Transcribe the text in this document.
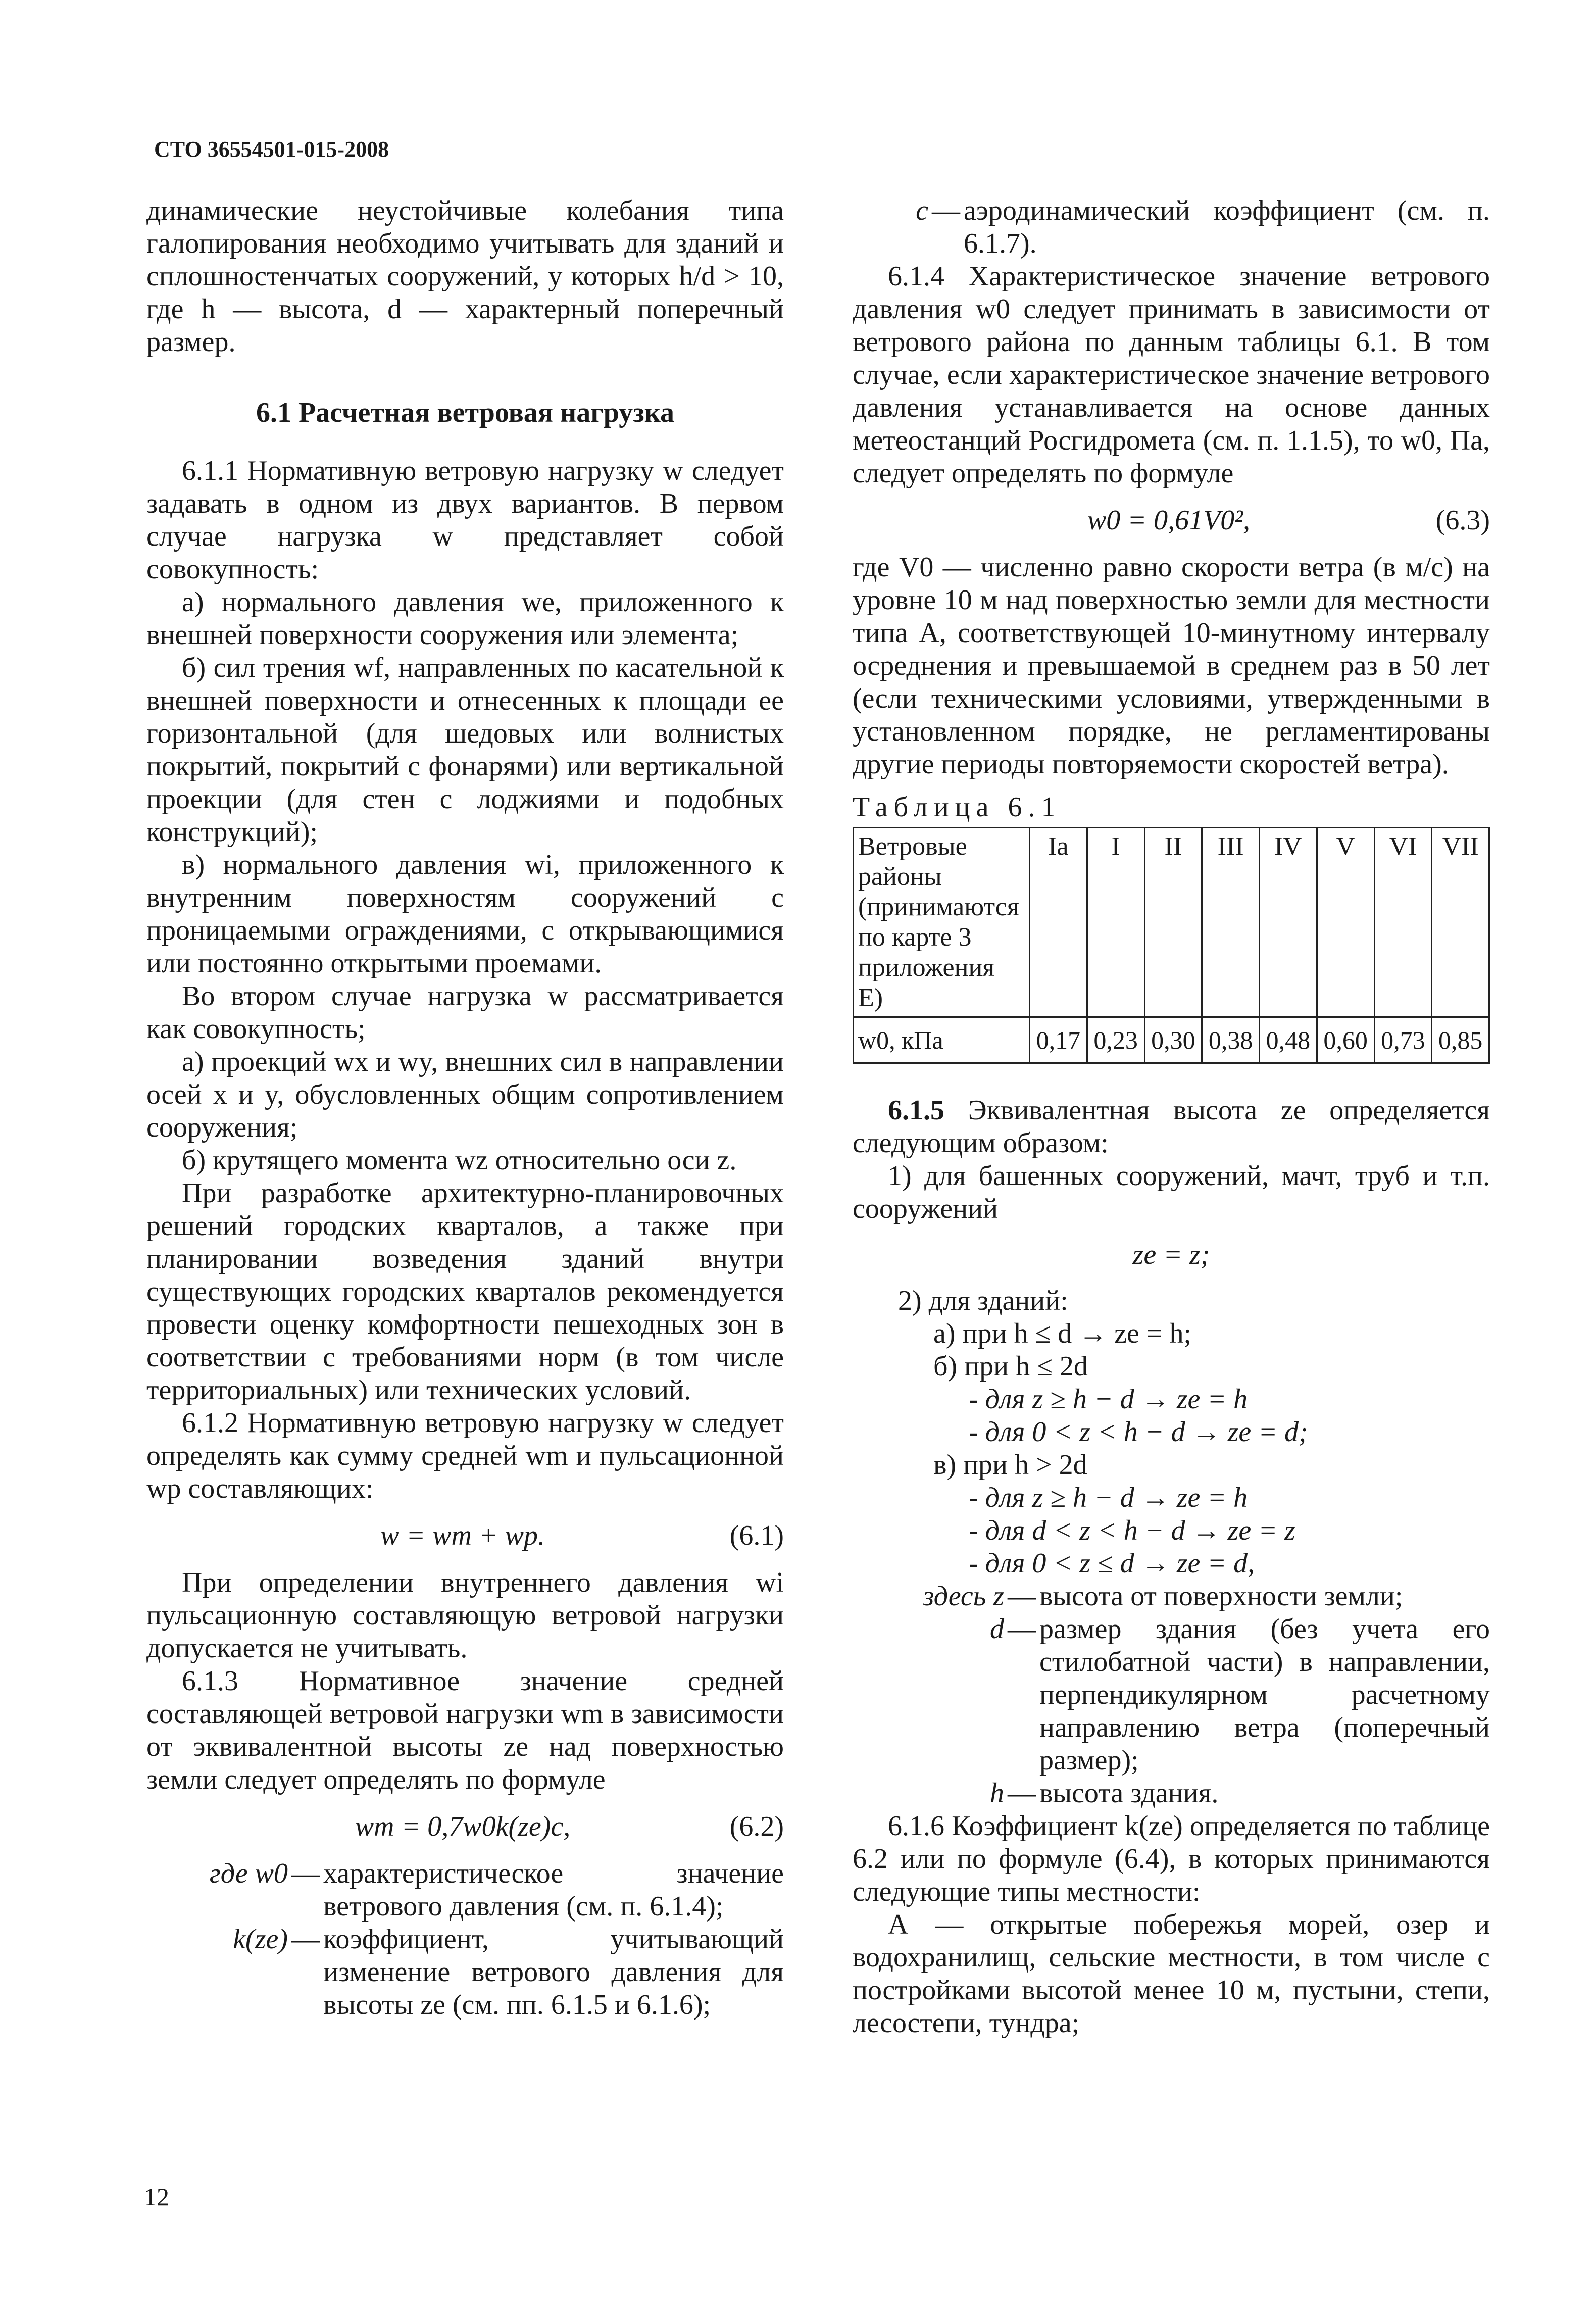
СТО 36554501-015-2008

динамические неустойчивые колебания типа галопирования необходимо учитывать для зданий и сплошностенчатых сооружений, у которых h/d > 10, где h — высота, d — характерный поперечный размер.

6.1 Расчетная ветровая нагрузка

6.1.1 Нормативную ветровую нагрузку w следует задавать в одном из двух вариантов. В первом случае нагрузка w представляет собой совокупность:

а) нормального давления we, приложенного к внешней поверхности сооружения или элемента;

б) сил трения wf, направленных по касательной к внешней поверхности и отнесенных к площади ее горизонтальной (для шедовых или волнистых покрытий, покрытий с фонарями) или вертикальной проекции (для стен с лоджиями и подобных конструкций);

в) нормального давления wi, приложенного к внутренним поверхностям сооружений с проницаемыми ограждениями, с открывающимися или постоянно открытыми проемами.

Во втором случае нагрузка w рассматривается как совокупность;

а) проекций wx и wy, внешних сил в направлении осей x и y, обусловленных общим сопротивлением сооружения;

б) крутящего момента wz относительно оси z.

При разработке архитектурно-планировочных решений городских кварталов, а также при планировании возведения зданий внутри существующих городских кварталов рекомендуется провести оценку комфортности пешеходных зон в соответствии с требованиями норм (в том числе территориальных) или технических условий.

6.1.2 Нормативную ветровую нагрузку w следует определять как сумму средней wm и пульсационной wp составляющих:

w = wm + wp.	(6.1)

При определении внутреннего давления wi пульсационную составляющую ветровой нагрузки допускается не учитывать.

6.1.3 Нормативное значение средней составляющей ветровой нагрузки wm в зависимости от эквивалентной высоты ze над поверхностью земли следует определять по формуле

wm = 0,7w0k(ze)c,	(6.2)
где w0 — характеристическое значение ветрового давления (см. п. 6.1.4);
k(ze) — коэффициент, учитывающий изменение ветрового давления для высоты ze (см. пп. 6.1.5 и 6.1.6);
c — аэродинамический коэффициент (см. п. 6.1.7).

6.1.4 Характеристическое значение ветрового давления w0 следует принимать в зависимости от ветрового района по данным таблицы 6.1. В том случае, если характеристическое значение ветрового давления устанавливается на основе данных метеостанций Росгидромета (см. п. 1.1.5), то w0, Па, следует определять по формуле

w0 = 0,61V0²,	(6.3)

где V0 — численно равно скорости ветра (в м/с) на уровне 10 м над поверхностью земли для местности типа А, соответствующей 10-минутному интервалу осреднения и превышаемой в среднем раз в 50 лет (если техническими условиями, утвержденными в установленном порядке, не регламентированы другие периоды повторяемости скоростей ветра).

Таблица 6.1
Ветровые районы (принимаются по карте 3 приложения Е)	Ia	I	II	III	IV	V	VI	VII
w0, кПа	0,17	0,23	0,30	0,38	0,48	0,60	0,73	0,85

6.1.5 Эквивалентная высота ze определяется следующим образом:

1) для башенных сооружений, мачт, труб и т.п. сооружений

ze = z;

2) для зданий:

а) при h ≤ d → ze = h;

б) при h ≤ 2d

- для z ≥ h − d → ze = h

- для 0 < z < h − d → ze = d;

в) при h > 2d

- для z ≥ h − d → ze = h

- для d < z < h − d → ze = z

- для 0 < z ≤ d → ze = d,

здесь z — высота от поверхности земли;
d — размер здания (без учета его стилобатной части) в направлении, перпендикулярном расчетному направлению ветра (поперечный размер);
h — высота здания.

6.1.6 Коэффициент k(ze) определяется по таблице 6.2 или по формуле (6.4), в которых принимаются следующие типы местности:

А — открытые побережья морей, озер и водохранилищ, сельские местности, в том числе с постройками высотой менее 10 м, пустыни, степи, лесостепи, тундра;

12
